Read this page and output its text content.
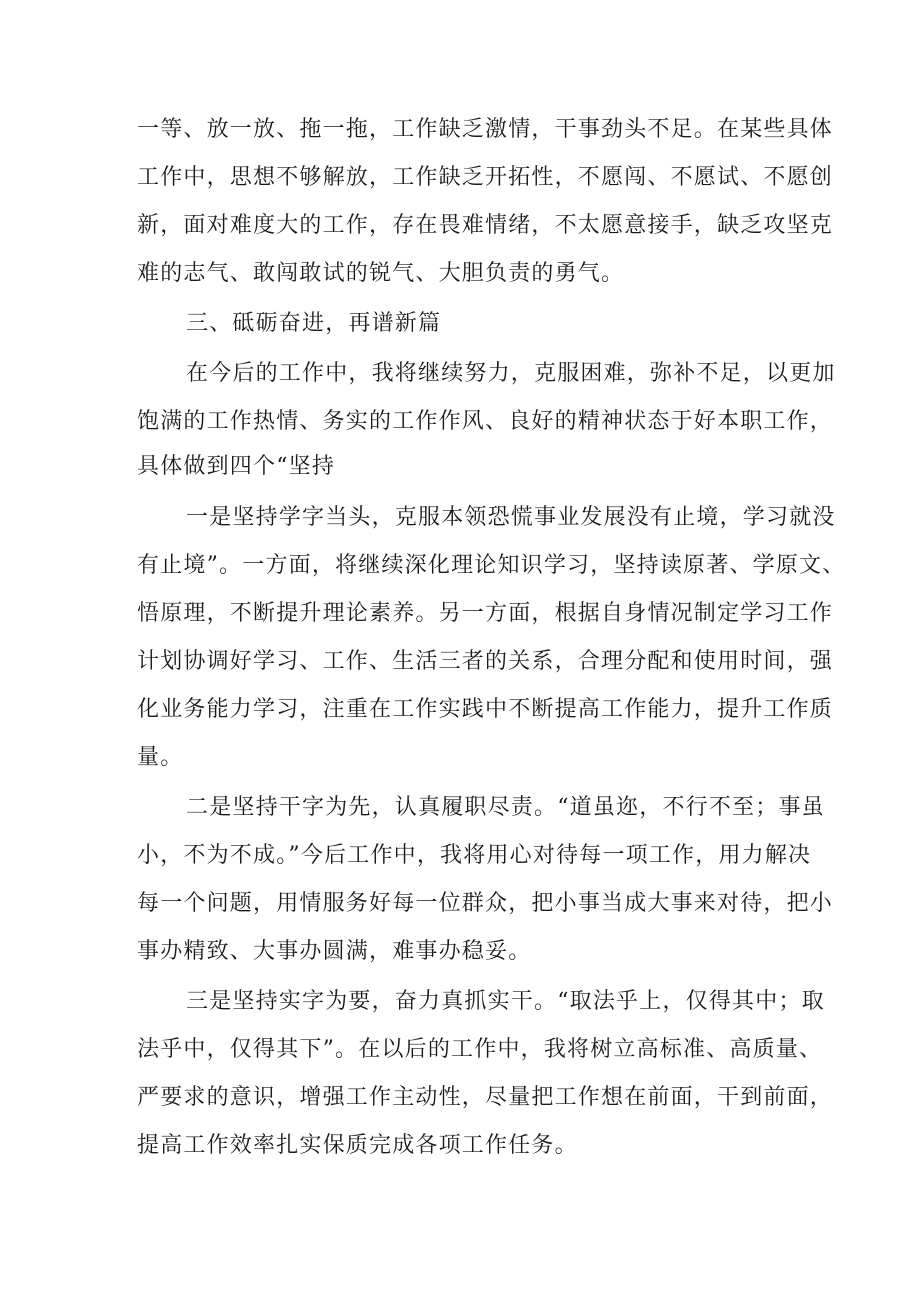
一等、放一放、拖一拖，工作缺乏激情，干事劲头不足。在某些具体

工作中，思想不够解放，工作缺乏开拓性，不愿闯、不愿试、不愿创

新，面对难度大的工作，存在畏难情绪，不太愿意接手，缺乏攻坚克

难的志气、敢闯敢试的锐气、大胆负责的勇气。

三、砥砺奋进，再谱新篇

在今后的工作中，我将继续努力，克服困难，弥补不足，以更加

饱满的工作热情、务实的工作作风、良好的精神状态于好本职工作，

具体做到四个“坚持

一是坚持学字当头，克服本领恐慌事业发展没有止境，学习就没

有止境”。一方面，将继续深化理论知识学习，坚持读原著、学原文、

悟原理，不断提升理论素养。另一方面，根据自身情况制定学习工作

计划协调好学习、工作、生活三者的关系，合理分配和使用时间，强

化业务能力学习，注重在工作实践中不断提高工作能力，提升工作质

量。

二是坚持干字为先，认真履职尽责。“道虽迩，不行不至；事虽

小，不为不成。”今后工作中，我将用心对待每一项工作，用力解决

每一个问题，用情服务好每一位群众，把小事当成大事来对待，把小

事办精致、大事办圆满，难事办稳妥。

三是坚持实字为要，奋力真抓实干。“取法乎上，仅得其中；取

法乎中，仅得其下”。在以后的工作中，我将树立高标准、高质量、

严要求的意识，增强工作主动性，尽量把工作想在前面，干到前面，

提高工作效率扎实保质完成各项工作任务。
